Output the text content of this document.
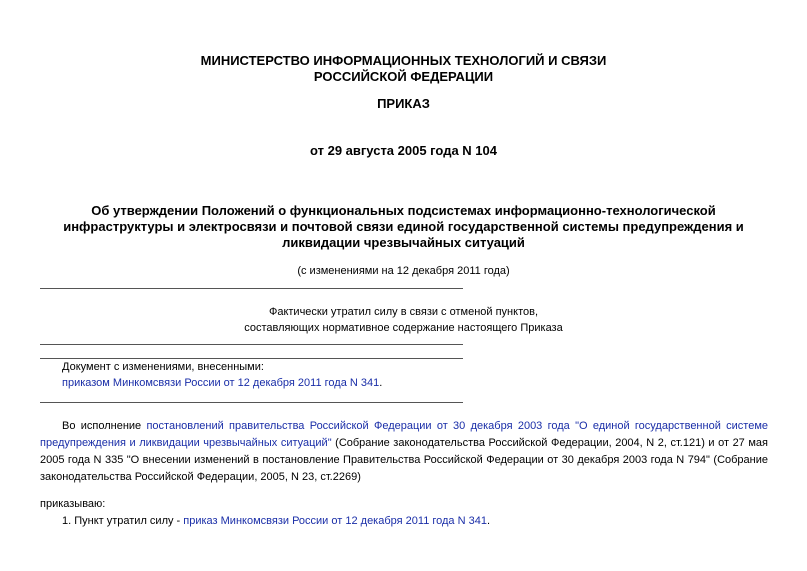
МИНИСТЕРСТВО ИНФОРМАЦИОННЫХ ТЕХНОЛОГИЙ И СВЯЗИ
РОССИЙСКОЙ ФЕДЕРАЦИИ
ПРИКАЗ
от 29 августа 2005 года N 104
Об утверждении Положений о функциональных подсистемах информационно-технологической
инфраструктуры и электросвязи и почтовой связи единой государственной системы предупреждения и
ликвидации чрезвычайных ситуаций
(с изменениями на 12 декабря 2011 года)
Фактически утратил силу в связи с отменой пунктов,
составляющих нормативное содержание настоящего Приказа
Документ с изменениями, внесенными:
приказом Минкомсвязи России от 12 декабря 2011 года N 341.
Во исполнение постановлений правительства Российской Федерации от 30 декабря 2003 года "О единой государственной системе предупреждения и ликвидации чрезвычайных ситуаций" (Собрание законодательства Российской Федерации, 2004, N 2, ст.121) и от 27 мая 2005 года N 335 "О внесении изменений в постановление Правительства Российской Федерации от 30 декабря 2003 года N 794" (Собрание законодательства Российской Федерации, 2005, N 23, ст.2269)
приказываю:
1. Пункт утратил силу - приказ Минкомсвязи России от 12 декабря 2011 года N 341.
